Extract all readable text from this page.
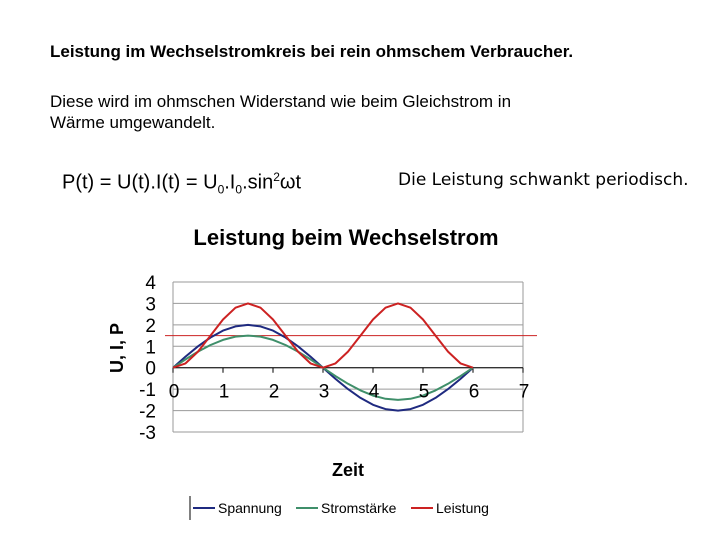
Leistung im Wechselstromkreis bei rein ohmschem Verbraucher.
Diese wird im ohmschen Widerstand wie beim Gleichstrom in
Wärme umgewandelt.
$P(t) = U(t).I(t) = U_0.I_0.\sin^2\omega t$	Die Leistung schwankt periodisch.
Leistung beim Wechselstrom
4
3
2
1
0
-1
-2
-3
0 1 2 3 4 5 6 7
U, I, P
Zeit
Spannung	Stromstärke	Leistung
